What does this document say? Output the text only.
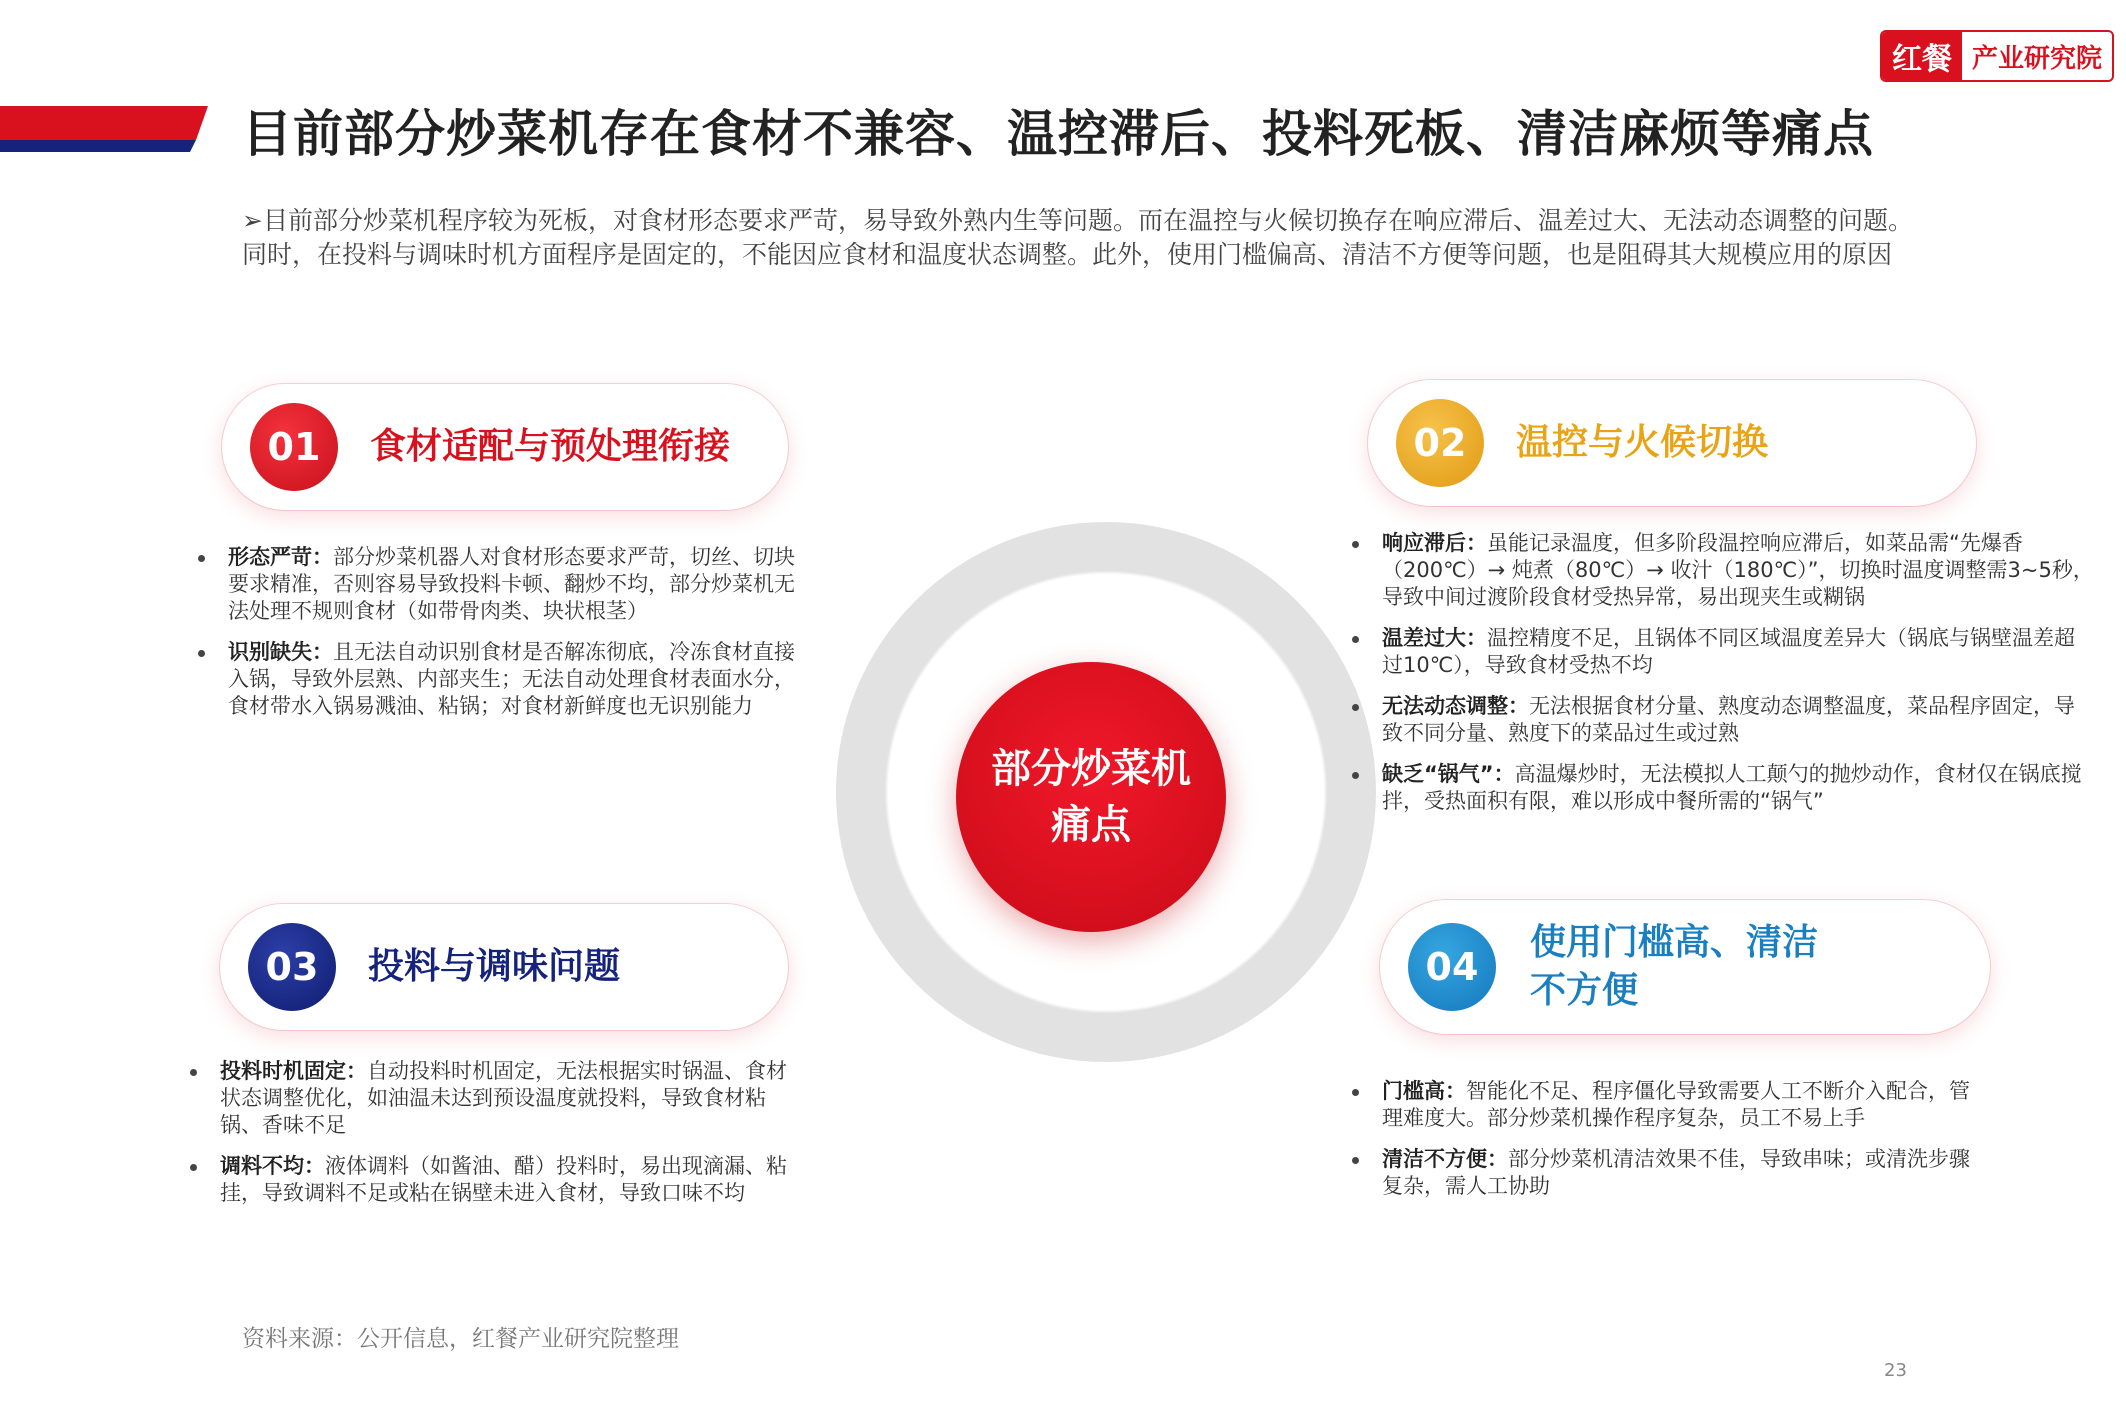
目前部分炒菜机存在食材不兼容、温控滞后、投料死板、清洁麻烦等痛点
红餐 产业研究院
➢目前部分炒菜机程序较为死板，对食材形态要求严苛，易导致外熟内生等问题。而在温控与火候切换存在响应滞后、温差过大、无法动态调整的问题。同时，在投料与调味时机方面程序是固定的，不能因应食材和温度状态调整。此外，使用门槛偏高、清洁不方便等问题，也是阻碍其大规模应用的原因
部分炒菜机
痛点
01	食材适配与预处理衔接
形态严苛：部分炒菜机器人对食材形态要求严苛，切丝、切块要求精准，否则容易导致投料卡顿、翻炒不均，部分炒菜机无法处理不规则食材（如带骨肉类、块状根茎）
识别缺失：且无法自动识别食材是否解冻彻底，冷冻食材直接入锅，导致外层熟、内部夹生；无法自动处理食材表面水分，食材带水入锅易溅油、粘锅；对食材新鲜度也无识别能力
02	温控与火候切换
响应滞后：虽能记录温度，但多阶段温控响应滞后，如菜品需“先爆香（200℃）→ 炖煮（80℃）→ 收汁（180℃）”，切换时温度调整需3~5秒，导致中间过渡阶段食材受热异常，易出现夹生或糊锅
温差过大：温控精度不足，且锅体不同区域温度差异大（锅底与锅壁温差超过10℃），导致食材受热不均
无法动态调整：无法根据食材分量、熟度动态调整温度，菜品程序固定，导致不同分量、熟度下的菜品过生或过熟
缺乏“锅气”：高温爆炒时，无法模拟人工颠勺的抛炒动作，食材仅在锅底搅拌，受热面积有限，难以形成中餐所需的“锅气”
03	投料与调味问题
投料时机固定：自动投料时机固定，无法根据实时锅温、食材状态调整优化，如油温未达到预设温度就投料，导致食材粘锅、香味不足
调料不均：液体调料（如酱油、醋）投料时，易出现滴漏、粘挂，导致调料不足或粘在锅壁未进入食材，导致口味不均
04
使用门槛高、清洁
不方便
门槛高：智能化不足、程序僵化导致需要人工不断介入配合，管理难度大。部分炒菜机操作程序复杂，员工不易上手
清洁不方便：部分炒菜机清洁效果不佳，导致串味；或清洗步骤复杂，需人工协助
资料来源：公开信息，红餐产业研究院整理
23
